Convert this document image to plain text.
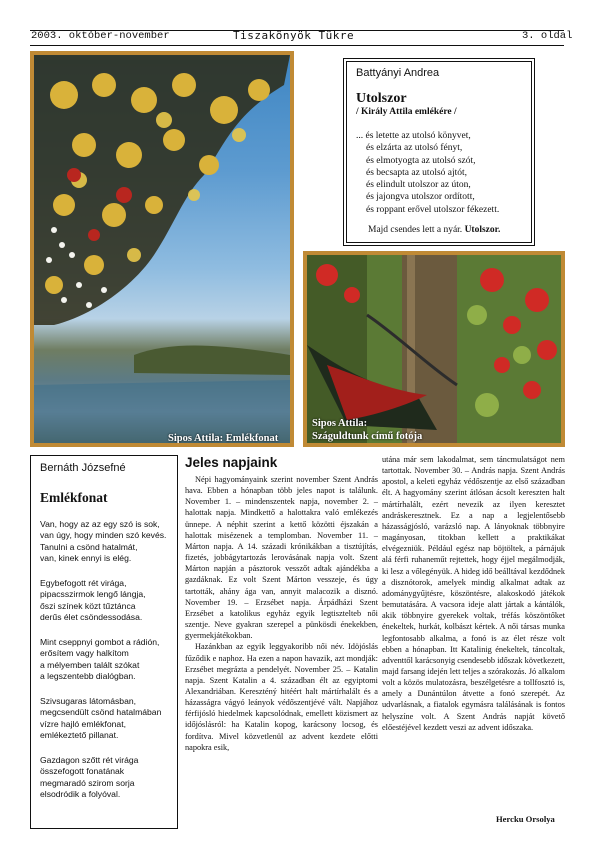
2003. október-november	Tiszakönyök Tükre	3. oldal
Sipos Attila: Emlékfonat
Battyányi Andrea
Utolszor
/ Király Attila emlékére /
... és letette az utolsó könyvet,
és elzárta az utolsó fényt,
és elmotyogta az utolsó szót,
és becsapta az utolsó ajtót,
és elindult utolszor az úton,
és jajongva utolszor ordított,
és roppant erővel utolszor fékezett.
Majd csendes lett a nyár. Utolszor.
Sipos Attila:
Száguldtunk című fotója
Bernáth Józsefné
Emlékfonat
Van, hogy az az egy szó is sok,
van úgy, hogy minden szó kevés.
Tanulni a csönd hatalmát,
van, kinek ennyi is elég.
Egybefogott rét virága,
pipacsszirmok lengő lángja,
őszi színek közt tűztánca
derűs élet csöndessodása.
Mint cseppnyi gombot a rádión,
erősítem vagy halkítom
a mélyemben talált szókat
a legszentebb dialógban.
Szivsugaras látomásban,
megcsendült csönd hatalmában
vízre hajló emlékfonat,
emlékeztető pillanat.
Gazdagon szőtt rét virága
összefogott fonatának
megmaradó szirom sorja
elsodródik a folyóval.
Jeles napjaink

Népi hagyományaink szerint november Szent András hava. Ebben a hónapban több jeles napot is találunk. November 1. – mindenszentek napja, november 2. – halottak napja. Mindkettő a halottakra való emlékezés ünnepe. A néphit szerint a kettő közötti éjszakán a halottak misézenek a templomban. November 11. – Márton napja. A 14. századi krónikákban a tisztújítás, fizetés, jobbágytartozás lerovásának napja volt. Szent Márton napján a pásztorok vesszőt adtak ajándékba a gazdáknak. Ez volt Szent Márton vesszeje, és úgy tartották, ahány ága van, annyit malacozik a disznó. November 19. – Erzsébet napja. Árpádházi Szent Erzsébet a katolikus egyház egyik legtisztelteb női szentje. Neve gyakran szerepel a pünkösdi énekekben, gyermekjátékokban.

Hazánkban az egyik leggyakoribb női név. Idöjóslás fűződik e naphoz. Ha ezen a napon havazik, azt mondják: Erzsébet megrázta a pendelyét. November 25. – Katalin napja. Szent Katalin a 4. században élt az egyiptomi Alexandriában. Kereszténý hitéért halt mártírhalált és a házasságra vágyó leányok védőszentjévé vált. Napjához férfijósló hiedelmek kapcsolódnak, emellett közismert az időjóslásról: ha Katalin kopog, karácsony locsog, és fordítva. Mivel közvetlenül az advent kezdete előtti napokra esik,

utána már sem lakodalmat, sem táncmulatságot nem tartottak. November 30. – András napja. Szent András apostol, a keleti egyház védőszentje az első században élt. A hagyomány szerint átlósan ácsolt kereszten halt mártírhalált, ezért nevezik az ilyen keresztet andráskeresztnek. Ez a nap a legjelentősebb házasságjósló, varázsló nap. A lányoknak többnyire magányosan, titokban kellett a praktikákat elvégezniük. Például egész nap böjtöltek, a párnájuk alá férfi ruhaneműt rejtettek, hogy éjjel megálmodják, ki lesz a vőlegényük. A hideg idő beálltával kezdődnek a disznótorok, amelyek mindig alkalmat adtak az adománygyűjtésre, köszöntésre, alakoskodó játékok bemutatására. A vacsora ideje alatt jártak a kántálók, akik többnyire gyerekek voltak, tréfás köszöntőket énekeltek, hurkát, kolbászt kértek. A női társas munka legfontosabb alkalma, a fonó is az élet része volt ebben a hónapban. Itt Katalinig énekeltek, táncoltak, adventtől karácsonyig csendesebb időszak következett, majd farsang idején lett teljes a szórakozás. Jó alkalom volt a közös mulatozásra, beszélgetésre a tollfosztó is, amely a Dunántúlon átvette a fonó szerepét. Az udvarlásnak, a fiatalok egymásra találásának is fontos helyszíne volt. A Szent András napját követő előestéjével kezdett veszi az advent időszaka.

Hercku Orsolya
